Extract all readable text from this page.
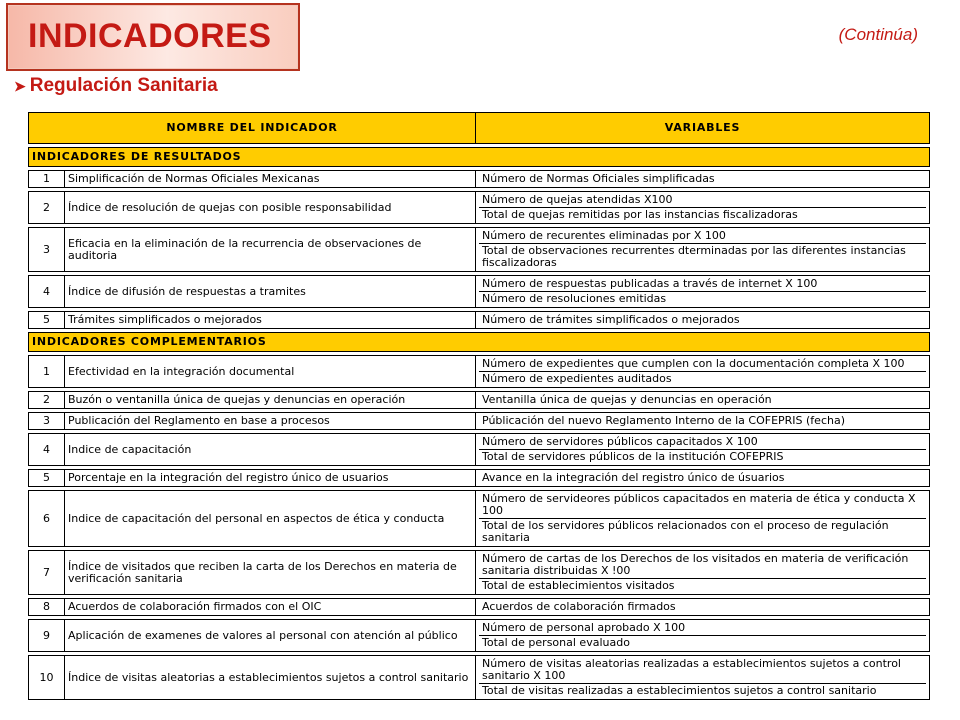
INDICADORES	(Continúa)
➤ Regulación Sanitaria
NOMBRE DEL INDICADOR		VARIABLES
INDICADORES DE RESULTADOS		
1	Simplificación de Normas Oficiales Mexicanas	Número de Normas Oficiales simplificadas

2	Índice de resolución de quejas con posible responsabilidad	Número de quejas atendidas X100
Total de quejas remitidas por las instancias fiscalizadoras

3	Eficacia en la eliminación de la recurrencia de observaciones de auditoria	Número de recurentes eliminadas por X 100
Total de observaciones recurrentes dterminadas por las diferentes instancias fiscalizadoras

4	Índice de difusión de respuestas a tramites	Número de respuestas publicadas a través de internet X 100
Número de resoluciones emitidas

5	Trámites simplificados o mejorados	Número de trámites simplificados o mejorados

INDICADORES COMPLEMENTARIOS		
1	Efectividad en la integración documental	Número de expedientes que cumplen con la documentación completa X 100
Número de expedientes auditados

2	Buzón o ventanilla única de quejas y denuncias en operación	Ventanilla única de quejas y denuncias en operación

3	Publicación del Reglamento en base a procesos	Públicación del nuevo Reglamento Interno de la COFEPRIS (fecha)

4	Indice de capacitación	Número de servidores públicos capacitados X 100
Total de servidores públicos de la institución COFEPRIS

5	Porcentaje en la integración del registro único de usuarios	Avance en la integración del registro único de úsuarios

6	Indice de capacitación del personal en aspectos de ética y conducta	Número de servideores públicos capacitados en materia de ética y conducta X 100
Total de los servidores públicos relacionados con el proceso de regulación sanitaria

7	Índice de visitados que reciben la carta de los Derechos en materia de verificación sanitaria	Número de cartas de los Derechos de los visitados en materia de verificación sanitaria distribuidas X !00
Total de establecimientos visitados

8	Acuerdos de colaboración firmados con el OIC	Acuerdos de colaboración firmados

9	Aplicación de examenes de valores al personal con atención al público	Número de personal aprobado X 100
Total de personal evaluado

10	Índice de visitas aleatorias a establecimientos sujetos a control sanitario	Número de visitas aleatorias realizadas a establecimientos sujetos a control sanitario X 100
Total de visitas realizadas a establecimientos sujetos a control sanitario
